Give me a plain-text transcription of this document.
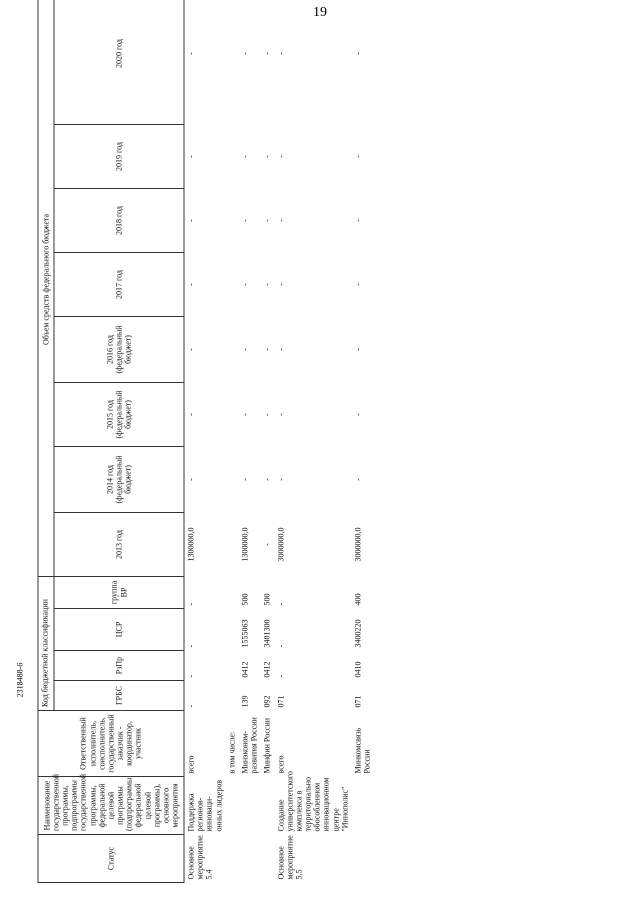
19
2318488-6
Статус	Наименование государственной программы, подпрограммы государственной программы, федеральной целевой программы (подпрограммы федеральной целевой программы), основного мероприятия	Ответственный исполнитель, соисполнитель, государственный заказчик - координатор, участник	Код бюджетной классификации				Объем средств федерального бюджета							
			ГРБС	РзПр	ЦСР	группа ВР	2013 год	2014 год (федеральный бюджет)	2015 год (федеральный бюджет)	2016 год (федеральный бюджет)	2017 год	2018 год	2019 год	2020 год
Основное мероприятие 5.4	Поддержка регионов-инноваци-онных лидеров	всего	-	-	-	-	1300000,0	-	-	-	-	-	-	-
		в том числе:												
		Минэконом-развития России	139	0412	1555063	500	1300000,0	-	-	-	-	-	-	-
		Минфин России	092	0412	3401300	500	-	-	-	-	-	-	-	-
Основное мероприятие 5.5	Создание университетского комплекса в территориально обособленном инновационном центре "Иннополис"	всего	071	-	-	-	3000000,0	-	-	-	-	-	-	-
		Минкомсвязь России	071	0410	3400220	400	3000000,0	-	-	-	-	-	-	-
